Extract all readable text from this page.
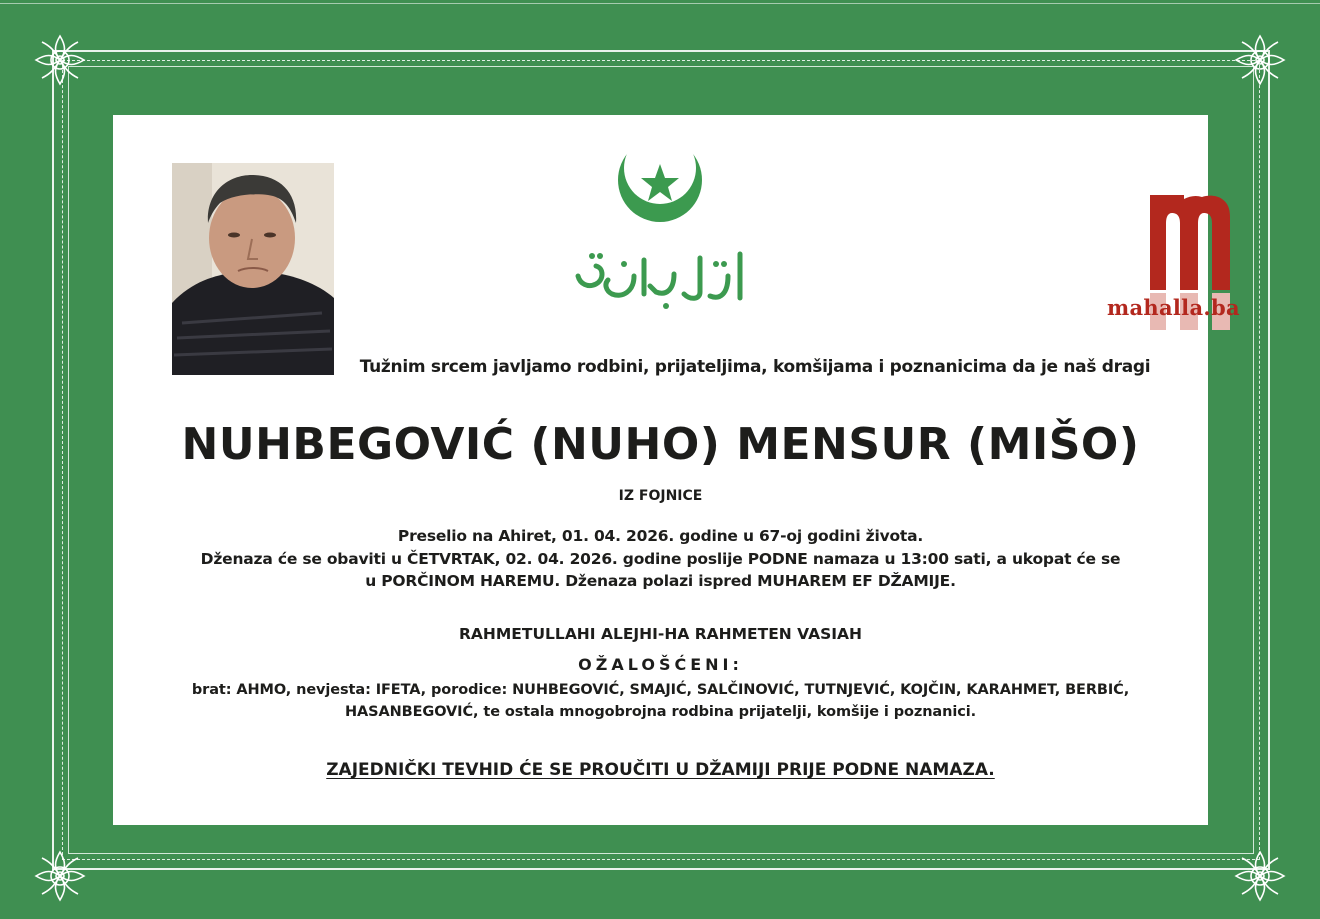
mahalla.ba
Tužnim srcem javljamo rodbini, prijateljima, komšijama i poznanicima da je naš dragi
NUHBEGOVIĆ (NUHO) MENSUR (MIŠO)
IZ FOJNICE
Preselio na Ahiret, 01. 04. 2026. godine u 67-oj godini života.
Dženaza će se obaviti u ČETVRTAK, 02. 04. 2026. godine poslije PODNE namaza u 13:00 sati, a ukopat će se
u PORČINOM HAREMU. Dženaza polazi ispred MUHAREM EF DŽAMIJE.
RAHMETULLAHI ALEJHI-HA RAHMETEN VASIAH
OŽALOŠĆENI:
brat: AHMO, nevjesta: IFETA, porodice: NUHBEGOVIĆ, SMAJIĆ, SALČINOVIĆ, TUTNJEVIĆ, KOJČIN, KARAHMET, BERBIĆ,
HASANBEGOVIĆ, te ostala mnogobrojna rodbina prijatelji, komšije i poznanici.
ZAJEDNIČKI TEVHID ĆE SE PROUČITI U DŽAMIJI PRIJE PODNE NAMAZA.
